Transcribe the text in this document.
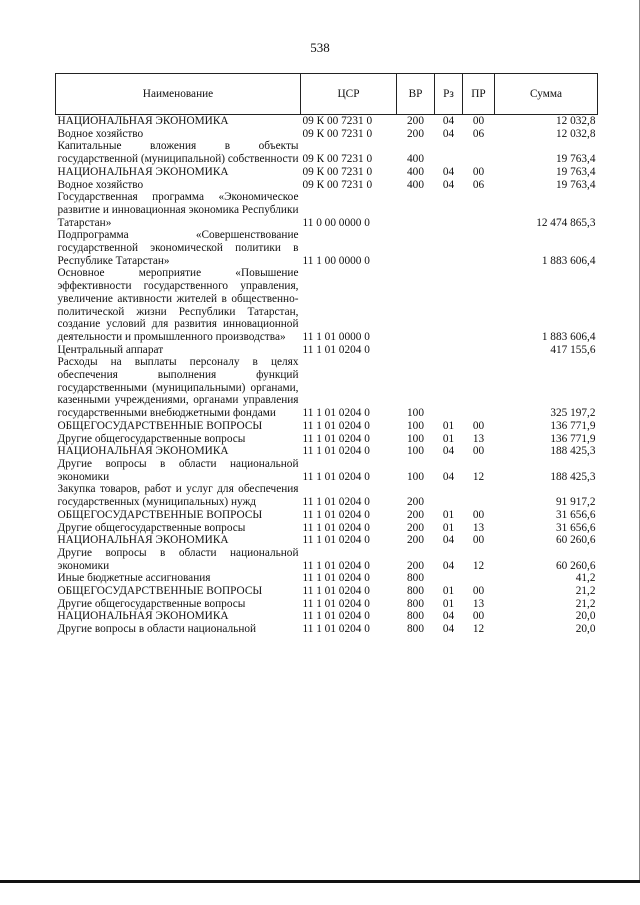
538
Наименование	ЦСР	ВР	Рз	ПР	Сумма
НАЦИОНАЛЬНАЯ ЭКОНОМИКА	09 К 00 7231 0	200	04	00	12 032,8
Водное хозяйство	09 К 00 7231 0	200	04	06	12 032,8
Капитальные вложения в объекты государственной (муниципальной) собственности	09 К 00 7231 0	400			19 763,4
НАЦИОНАЛЬНАЯ ЭКОНОМИКА	09 К 00 7231 0	400	04	00	19 763,4
Водное хозяйство	09 К 00 7231 0	400	04	06	19 763,4
Государственная программа «Экономическое развитие и инновационная экономика Республики Татарстан»	11 0 00 0000 0				12 474 865,3
Подпрограмма «Совершенствование государственной экономической политики в Республике Татарстан»	11 1 00 0000 0				1 883 606,4
Основное мероприятие «Повышение эффективности государственного управления, увеличение активности жителей в общественно-политической жизни Республики Татарстан, создание условий для развития инновационной деятельности и промышленного производства»	11 1 01 0000 0				1 883 606,4
Центральный аппарат	11 1 01 0204 0				417 155,6
Расходы на выплаты персоналу в целях обеспечения выполнения функций государственными (муниципальными) органами, казенными учреждениями, органами управления государственными внебюджетными фондами	11 1 01 0204 0	100			325 197,2
ОБЩЕГОСУДАРСТВЕННЫЕ ВОПРОСЫ	11 1 01 0204 0	100	01	00	136 771,9
Другие общегосударственные вопросы	11 1 01 0204 0	100	01	13	136 771,9
НАЦИОНАЛЬНАЯ ЭКОНОМИКА	11 1 01 0204 0	100	04	00	188 425,3
Другие вопросы в области национальной экономики	11 1 01 0204 0	100	04	12	188 425,3
Закупка товаров, работ и услуг для обеспечения государственных (муниципальных) нужд	11 1 01 0204 0	200			91 917,2
ОБЩЕГОСУДАРСТВЕННЫЕ ВОПРОСЫ	11 1 01 0204 0	200	01	00	31 656,6
Другие общегосударственные вопросы	11 1 01 0204 0	200	01	13	31 656,6
НАЦИОНАЛЬНАЯ ЭКОНОМИКА	11 1 01 0204 0	200	04	00	60 260,6
Другие вопросы в области национальной экономики	11 1 01 0204 0	200	04	12	60 260,6
Иные бюджетные ассигнования	11 1 01 0204 0	800			41,2
ОБЩЕГОСУДАРСТВЕННЫЕ ВОПРОСЫ	11 1 01 0204 0	800	01	00	21,2
Другие общегосударственные вопросы	11 1 01 0204 0	800	01	13	21,2
НАЦИОНАЛЬНАЯ ЭКОНОМИКА	11 1 01 0204 0	800	04	00	20,0
Другие вопросы в области национальной	11 1 01 0204 0	800	04	12	20,0
